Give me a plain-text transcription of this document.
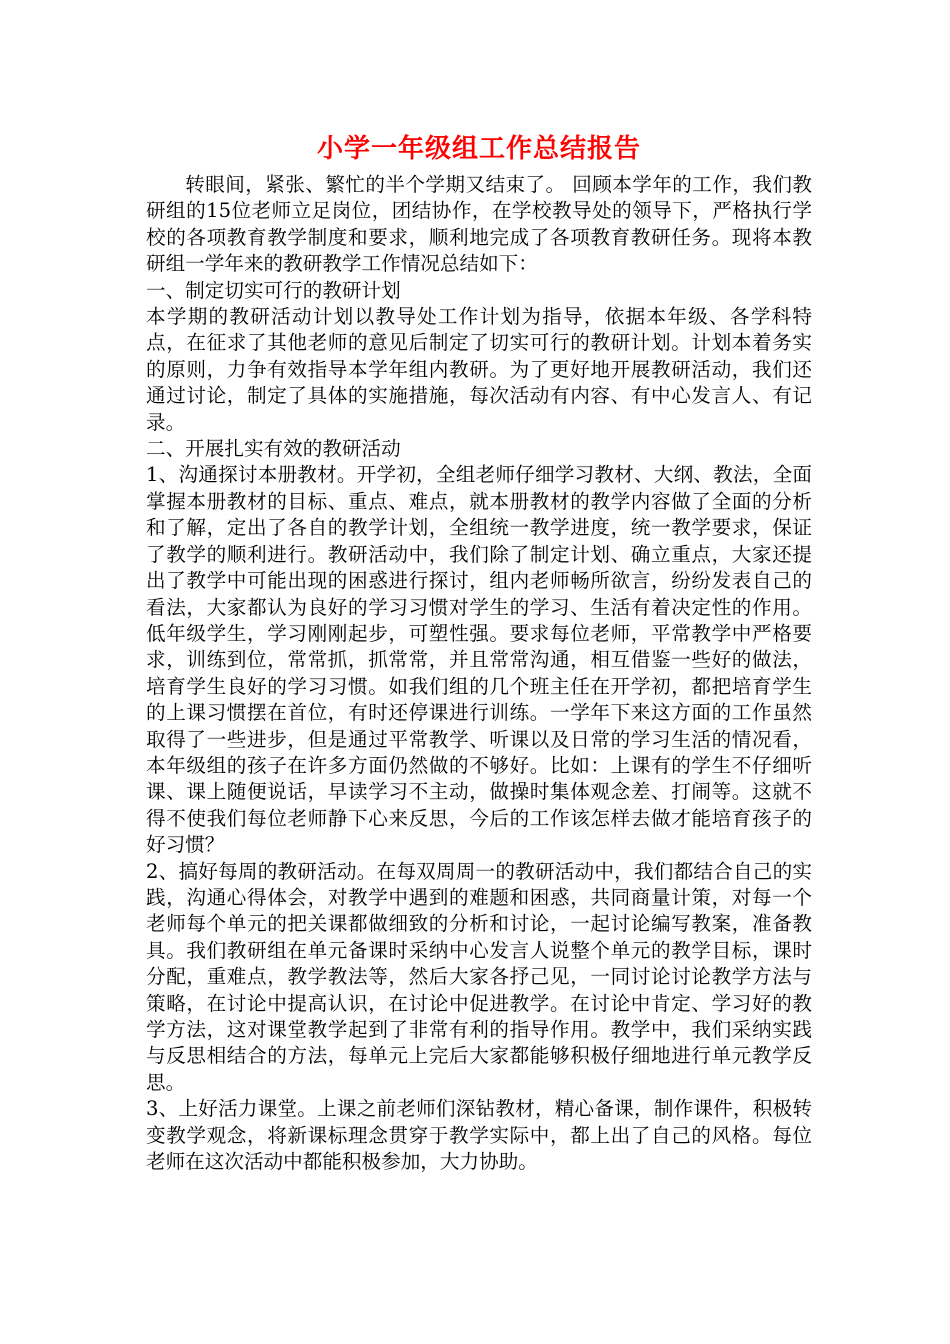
小学一年级组工作总结报告

转眼间，紧张、繁忙的半个学期又结束了。 回顾本学年的工作，我们教研组的15位老师立足岗位，团结协作，在学校教导处的领导下，严格执行学校的各项教育教学制度和要求，顺利地完成了各项教育教研任务。现将本教研组一学年来的教研教学工作情况总结如下：

一、制定切实可行的教研计划

本学期的教研活动计划以教导处工作计划为指导，依据本年级、各学科特点，在征求了其他老师的意见后制定了切实可行的教研计划。计划本着务实的原则，力争有效指导本学年组内教研。为了更好地开展教研活动，我们还通过讨论，制定了具体的实施措施，每次活动有内容、有中心发言人、有记录。

二、开展扎实有效的教研活动

1、沟通探讨本册教材。开学初，全组老师仔细学习教材、大纲、教法，全面掌握本册教材的目标、重点、难点，就本册教材的教学内容做了全面的分析和了解，定出了各自的教学计划，全组统一教学进度，统一教学要求，保证了教学的顺利进行。教研活动中，我们除了制定计划、确立重点，大家还提出了教学中可能出现的困惑进行探讨，组内老师畅所欲言，纷纷发表自己的看法，大家都认为良好的学习习惯对学生的学习、生活有着决定性的作用。低年级学生，学习刚刚起步，可塑性强。要求每位老师，平常教学中严格要求，训练到位，常常抓，抓常常，并且常常沟通，相互借鉴一些好的做法，培育学生良好的学习习惯。如我们组的几个班主任在开学初，都把培育学生的上课习惯摆在首位，有时还停课进行训练。一学年下来这方面的工作虽然取得了一些进步，但是通过平常教学、听课以及日常的学习生活的情况看，本年级组的孩子在许多方面仍然做的不够好。比如：上课有的学生不仔细听课、课上随便说话，早读学习不主动，做操时集体观念差、打闹等。这就不得不使我们每位老师静下心来反思，今后的工作该怎样去做才能培育孩子的好习惯？

2、搞好每周的教研活动。在每双周周一的教研活动中，我们都结合自己的实践，沟通心得体会，对教学中遇到的难题和困惑，共同商量计策，对每一个老师每个单元的把关课都做细致的分析和讨论，一起讨论编写教案，准备教具。我们教研组在单元备课时采纳中心发言人说整个单元的教学目标，课时分配，重难点，教学教法等，然后大家各抒己见，一同讨论讨论教学方法与策略，在讨论中提高认识，在讨论中促进教学。在讨论中肯定、学习好的教学方法，这对课堂教学起到了非常有利的指导作用。教学中，我们采纳实践与反思相结合的方法，每单元上完后大家都能够积极仔细地进行单元教学反思。

3、上好活力课堂。上课之前老师们深钻教材，精心备课，制作课件，积极转变教学观念，将新课标理念贯穿于教学实际中，都上出了自己的风格。每位老师在这次活动中都能积极参加，大力协助。
